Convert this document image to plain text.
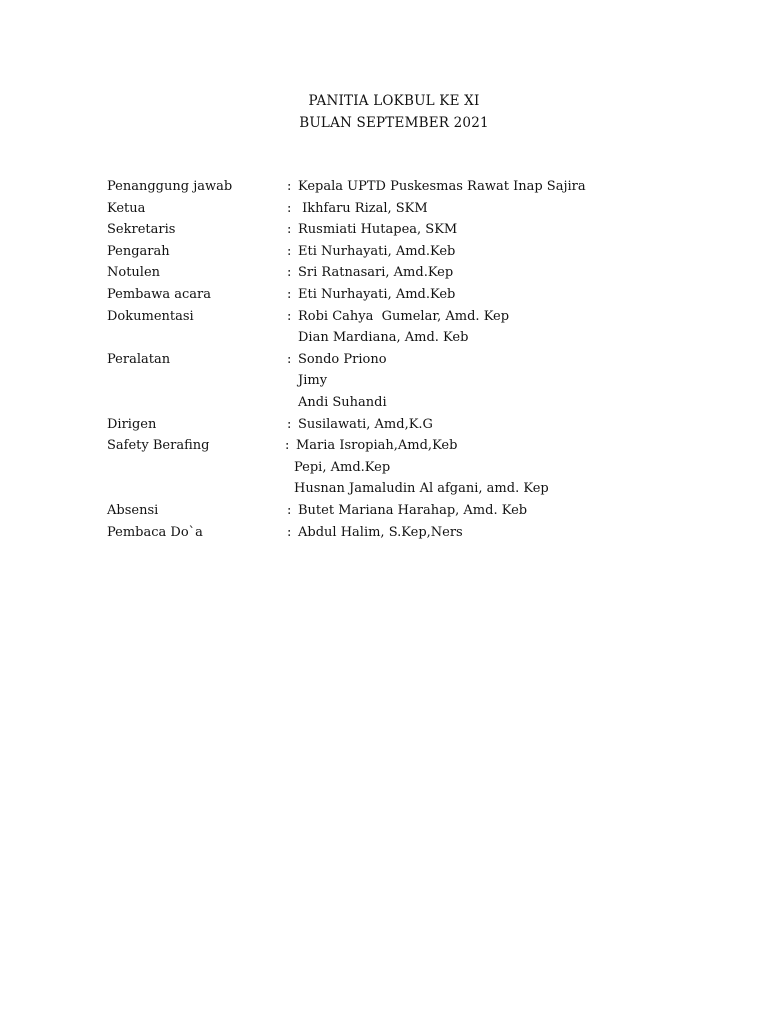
PANITIA LOKBUL KE XI
BULAN SEPTEMBER 2021
Penanggung jawab	: Kepala UPTD Puskesmas Rawat Inap Sajira
Ketua	: Ikhfaru Rizal, SKM
Sekretaris	: Rusmiati Hutapea, SKM
Pengarah	: Eti Nurhayati, Amd.Keb
Notulen	: Sri Ratnasari, Amd.Kep
Pembawa acara	: Eti Nurhayati, Amd.Keb
Dokumentasi	: Robi Cahya  Gumelar, Amd. Kep
Dian Mardiana, Amd. Keb
Peralatan	: Sondo Priono
Jimy
Andi Suhandi
Dirigen	: Susilawati, Amd,K.G
Safety Berafing	: Maria Isropiah,Amd,Keb
Pepi, Amd.Kep
Husnan Jamaludin Al afgani, amd. Kep
Absensi	: Butet Mariana Harahap, Amd. Keb
Pembaca Do`a	: Abdul Halim, S.Kep,Ners
